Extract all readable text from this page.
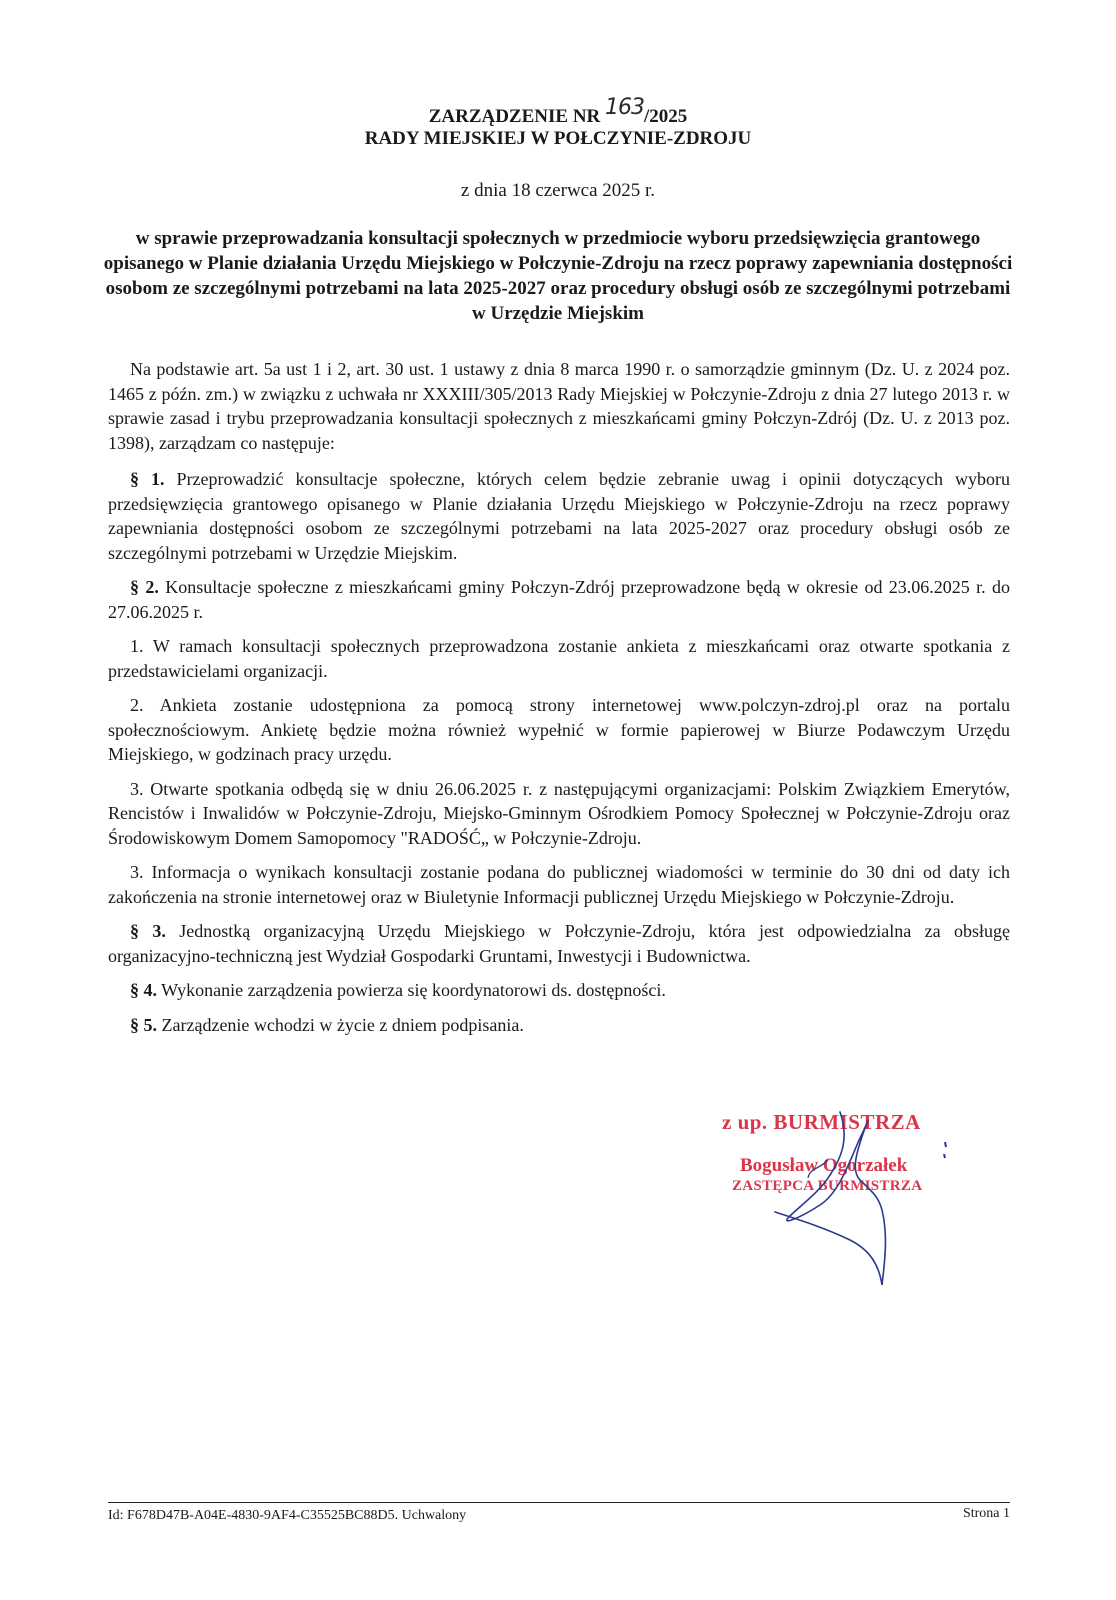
ZARZĄDZENIE NR 163/2025
RADY MIEJSKIEJ W POŁCZYNIE-ZDROJU
z dnia 18 czerwca 2025 r.
w sprawie przeprowadzania konsultacji społecznych w przedmiocie wyboru przedsięwzięcia grantowego opisanego w Planie działania Urzędu Miejskiego w Połczynie-Zdroju na rzecz poprawy zapewniania dostępności osobom ze szczególnymi potrzebami na lata 2025-2027 oraz procedury obsługi osób ze szczególnymi potrzebami w Urzędzie Miejskim

Na podstawie art. 5a ust 1 i 2, art. 30 ust. 1 ustawy z dnia 8 marca 1990 r. o samorządzie gminnym (Dz. U. z 2024 poz. 1465 z późn. zm.) w związku z uchwała nr XXXIII/305/2013 Rady Miejskiej w Połczynie-Zdroju z dnia 27 lutego 2013 r. w sprawie zasad i trybu przeprowadzania konsultacji społecznych z mieszkańcami gminy Połczyn-Zdrój (Dz. U. z 2013 poz. 1398), zarządzam co następuje:

§ 1. Przeprowadzić konsultacje społeczne, których celem będzie zebranie uwag i opinii dotyczących wyboru przedsięwzięcia grantowego opisanego w Planie działania Urzędu Miejskiego w Połczynie-Zdroju na rzecz poprawy zapewniania dostępności osobom ze szczególnymi potrzebami na lata 2025-2027 oraz procedury obsługi osób ze szczególnymi potrzebami w Urzędzie Miejskim.

§ 2. Konsultacje społeczne z mieszkańcami gminy Połczyn-Zdrój przeprowadzone będą w okresie od 23.06.2025 r. do 27.06.2025 r.

1. W ramach konsultacji społecznych przeprowadzona zostanie ankieta z mieszkańcami oraz otwarte spotkania z przedstawicielami organizacji.

2. Ankieta zostanie udostępniona za pomocą strony internetowej www.polczyn-zdroj.pl oraz na portalu społecznościowym. Ankietę będzie można również wypełnić w formie papierowej w Biurze Podawczym Urzędu Miejskiego, w godzinach pracy urzędu.

3. Otwarte spotkania odbędą się w dniu 26.06.2025 r. z następującymi organizacjami: Polskim Związkiem Emerytów, Rencistów i Inwalidów w Połczynie-Zdroju, Miejsko-Gminnym Ośrodkiem Pomocy Społecznej w Połczynie-Zdroju oraz Środowiskowym Domem Samopomocy "RADOŚĆ„ w Połczynie-Zdroju.

3. Informacja o wynikach konsultacji zostanie podana do publicznej wiadomości w terminie do 30 dni od daty ich zakończenia na stronie internetowej oraz w Biuletynie Informacji publicznej Urzędu Miejskiego w Połczynie-Zdroju.

§ 3. Jednostką organizacyjną Urzędu Miejskiego w Połczynie-Zdroju, która jest odpowiedzialna za obsługę organizacyjno-techniczną jest Wydział Gospodarki Gruntami, Inwestycji i Budownictwa.

§ 4. Wykonanie zarządzenia powierza się koordynatorowi ds. dostępności.

§ 5. Zarządzenie wchodzi w życie z dniem podpisania.

z up. BURMISTRZA
Bogusław Ogorzałek
ZASTĘPCA BURMISTRZA
Id: F678D47B-A04E-4830-9AF4-C35525BC88D5. Uchwalony	Strona 1
